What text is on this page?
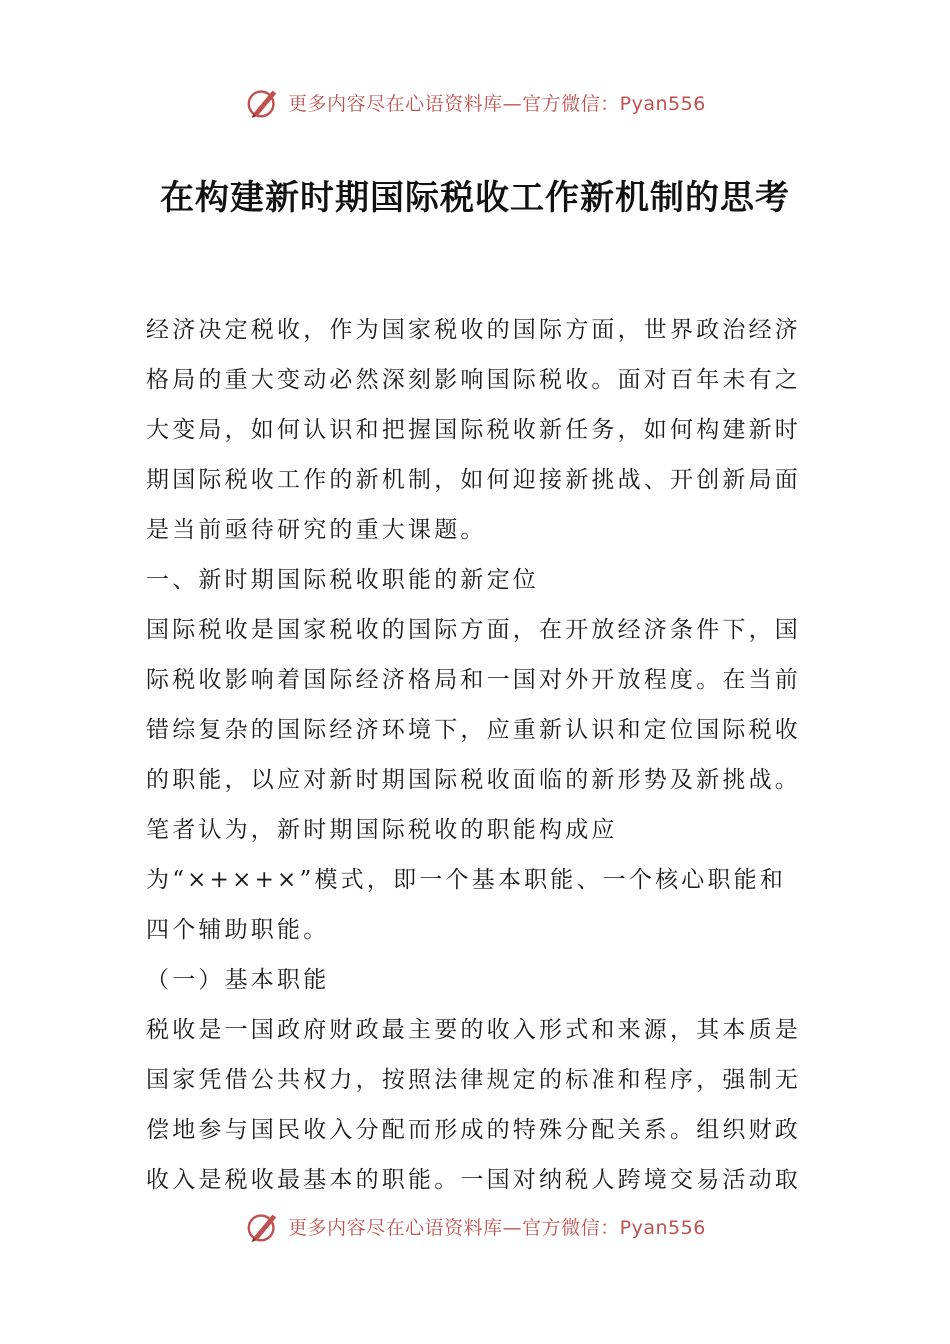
更多内容尽在心语资料库—官方微信：Pyan556
在构建新时期国际税收工作新机制的思考

经济决定税收，作为国家税收的国际方面，世界政治经济格局的重大变动必然深刻影响国际税收。面对百年未有之大变局，如何认识和把握国际税收新任务，如何构建新时期国际税收工作的新机制，如何迎接新挑战、开创新局面是当前亟待研究的重大课题。

一、新时期国际税收职能的新定位

国际税收是国家税收的国际方面，在开放经济条件下，国际税收影响着国际经济格局和一国对外开放程度。在当前错综复杂的国际经济环境下，应重新认识和定位国际税收的职能，以应对新时期国际税收面临的新形势及新挑战。笔者认为，新时期国际税收的职能构成应为“×+×+×”模式，即一个基本职能、一个核心职能和四个辅助职能。

（一）基本职能

税收是一国政府财政最主要的收入形式和来源，其本质是国家凭借公共权力，按照法律规定的标准和程序，强制无偿地参与国民收入分配而形成的特殊分配关系。组织财政收入是税收最基本的职能。一国对纳税人跨境交易活动取

更多内容尽在心语资料库—官方微信：Pyan556
